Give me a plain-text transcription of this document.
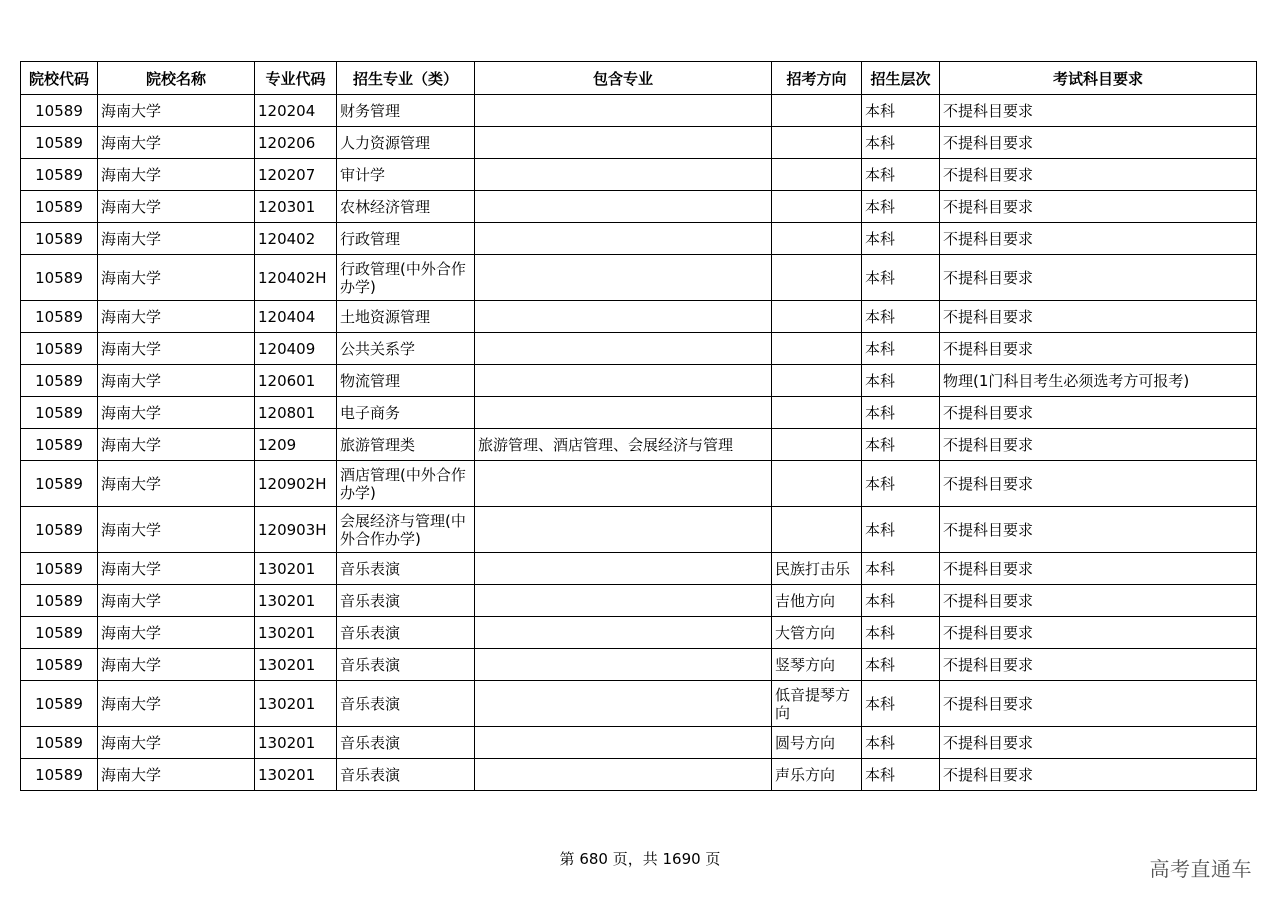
院校代码	院校名称	专业代码	招生专业（类）	包含专业	招考方向	招生层次	考试科目要求
10589	海南大学	120204	财务管理			本科	不提科目要求
10589	海南大学	120206	人力资源管理			本科	不提科目要求
10589	海南大学	120207	审计学			本科	不提科目要求
10589	海南大学	120301	农林经济管理			本科	不提科目要求
10589	海南大学	120402	行政管理			本科	不提科目要求
10589	海南大学	120402H	行政管理(中外合作办学)			本科	不提科目要求
10589	海南大学	120404	土地资源管理			本科	不提科目要求
10589	海南大学	120409	公共关系学			本科	不提科目要求
10589	海南大学	120601	物流管理			本科	物理(1门科目考生必须选考方可报考)
10589	海南大学	120801	电子商务			本科	不提科目要求
10589	海南大学	1209	旅游管理类	旅游管理、酒店管理、会展经济与管理		本科	不提科目要求
10589	海南大学	120902H	酒店管理(中外合作办学)			本科	不提科目要求
10589	海南大学	120903H	会展经济与管理(中外合作办学)			本科	不提科目要求
10589	海南大学	130201	音乐表演		民族打击乐	本科	不提科目要求
10589	海南大学	130201	音乐表演		吉他方向	本科	不提科目要求
10589	海南大学	130201	音乐表演		大管方向	本科	不提科目要求
10589	海南大学	130201	音乐表演		竖琴方向	本科	不提科目要求
10589	海南大学	130201	音乐表演		低音提琴方向	本科	不提科目要求
10589	海南大学	130201	音乐表演		圆号方向	本科	不提科目要求
10589	海南大学	130201	音乐表演		声乐方向	本科	不提科目要求
第 680 页，共 1690 页	高考直通车
